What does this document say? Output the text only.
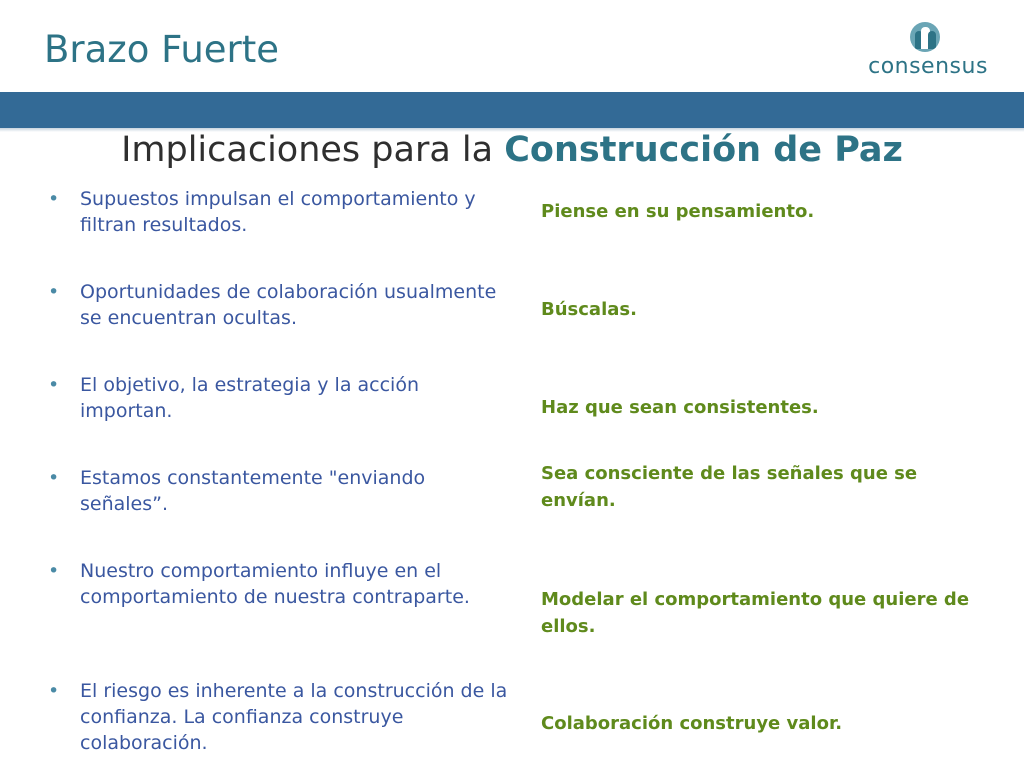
Brazo Fuerte	consensus
Implicaciones para la Construcción de Paz
• Supuestos impulsan el comportamiento y filtran resultados.
• Oportunidades de colaboración usualmente se encuentran ocultas.
• El objetivo, la estrategia y la acción importan.
• Estamos constantemente "enviando señales”.
• Nuestro comportamiento influye en el comportamiento de nuestra contraparte.
• El riesgo es inherente a la construcción de la confianza. La confianza construye colaboración.
Piense en su pensamiento.
Búscalas.
Haz que sean consistentes.
Sea consciente de las señales que se envían.
Modelar el comportamiento que quiere de ellos.
Colaboración construye valor.
